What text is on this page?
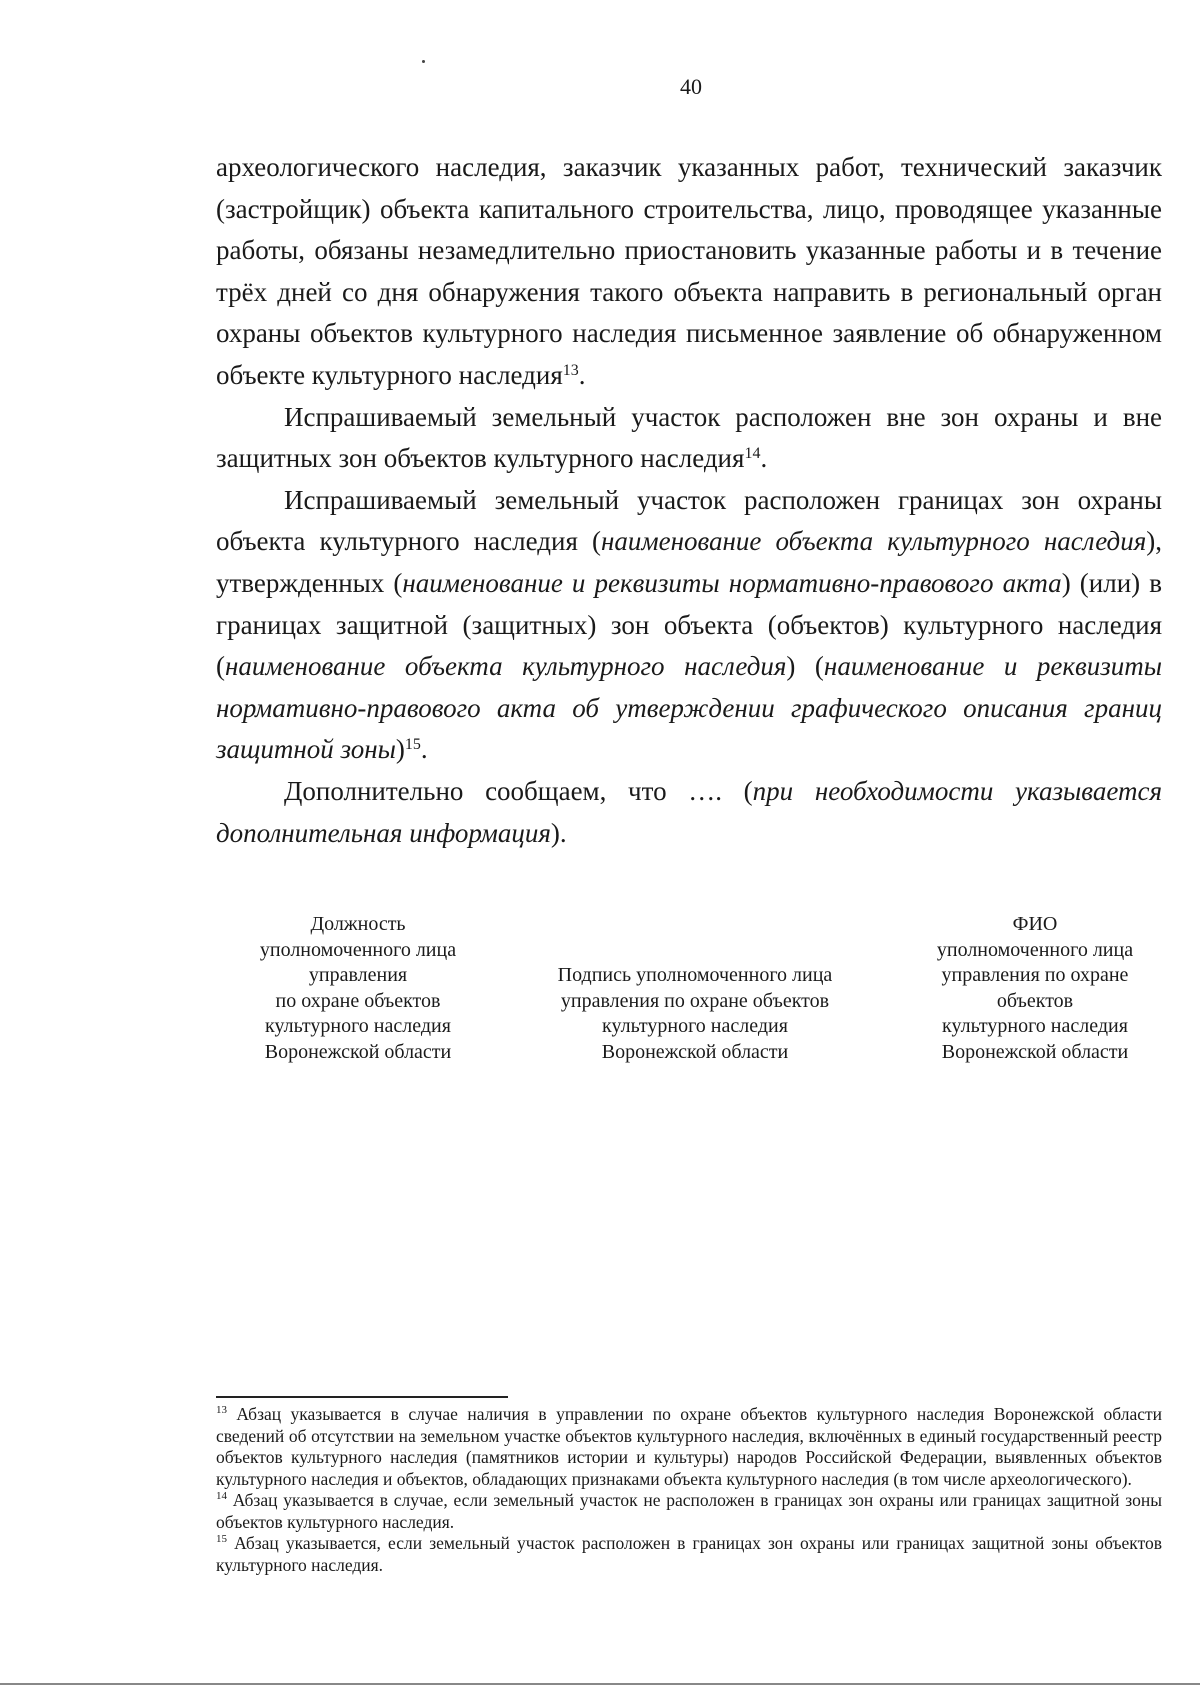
40

археологического наследия, заказчик указанных работ, технический заказчик (застройщик) объекта капитального строительства, лицо, проводящее указанные работы, обязаны незамедлительно приостановить указанные работы и в течение трёх дней со дня обнаружения такого объекта направить в региональный орган охраны объектов культурного наследия письменное заявление об обнаруженном объекте культурного наследия$^{13}$.

Испрашиваемый земельный участок расположен вне зон охраны и вне защитных зон объектов культурного наследия$^{14}$.

Испрашиваемый земельный участок расположен границах зон охраны объекта культурного наследия (наименование объекта культурного наследия), утвержденных (наименование и реквизиты нормативно-правового акта) (или) в границах защитной (защитных) зон объекта (объектов) культурного наследия (наименование объекта культурного наследия) (наименование и реквизиты нормативно-правового акта об утверждении графического описания границ защитной зоны)$^{15}$.

Дополнительно сообщаем, что …. (при необходимости указывается дополнительная информация).

Должность
уполномоченного лица
управления
по охране объектов
культурного наследия
Воронежской области
Подпись уполномоченного лица
управления по охране объектов
культурного наследия
Воронежской области
ФИО
уполномоченного лица
управления по охране
объектов
культурного наследия
Воронежской области

$^{13}$ Абзац указывается в случае наличия в управлении по охране объектов культурного наследия Воронежской области сведений об отсутствии на земельном участке объектов культурного наследия, включённых в единый государственный реестр объектов культурного наследия (памятников истории и культуры) народов Российской Федерации, выявленных объектов культурного наследия и объектов, обладающих признаками объекта культурного наследия (в том числе археологического).

$^{14}$ Абзац указывается в случае, если земельный участок не расположен в границах зон охраны или границах защитной зоны объектов культурного наследия.

$^{15}$ Абзац указывается, если земельный участок расположен в границах зон охраны или границах защитной зоны объектов культурного наследия.
